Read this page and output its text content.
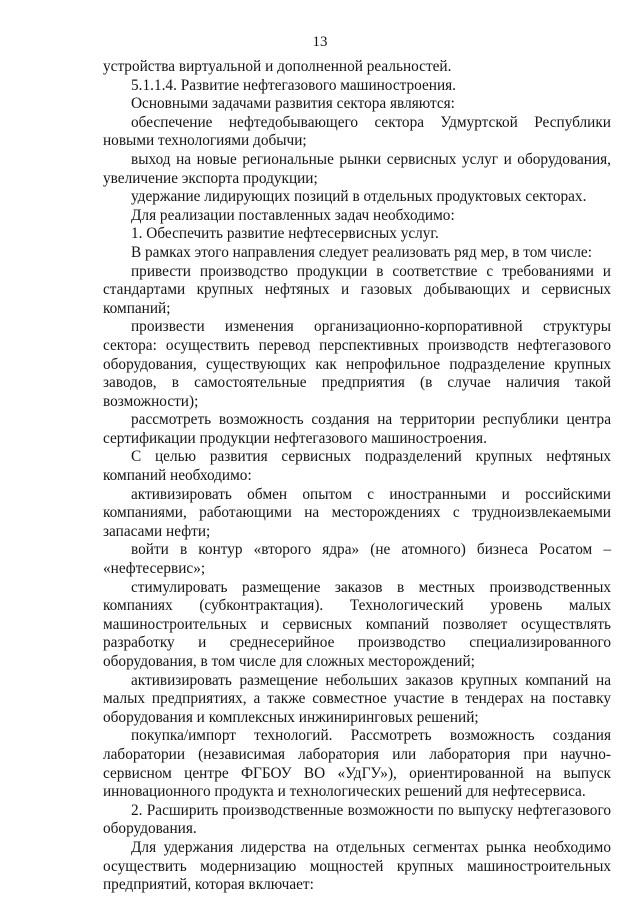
13

устройства виртуальной и дополненной реальностей.

5.1.1.4. Развитие нефтегазового машиностроения.

Основными задачами развития сектора являются:

обеспечение нефтедобывающего сектора Удмуртской Республики новыми технологиями добычи;

выход на новые региональные рынки сервисных услуг и оборудования, увеличение экспорта продукции;

удержание лидирующих позиций в отдельных продуктовых секторах.

Для реализации поставленных задач необходимо:

1. Обеспечить развитие нефтесервисных услуг.

В рамках этого направления следует реализовать ряд мер, в том числе:

привести производство продукции в соответствие с требованиями и стандартами крупных нефтяных и газовых добывающих и сервисных компаний;

произвести изменения организационно-корпоративной структуры сектора: осуществить перевод перспективных производств нефтегазового оборудования, существующих как непрофильное подразделение крупных заводов, в самостоятельные предприятия (в случае наличия такой возможности);

рассмотреть возможность создания на территории республики центра сертификации продукции нефтегазового машиностроения.

С целью развития сервисных подразделений крупных нефтяных компаний необходимо:

активизировать обмен опытом с иностранными и российскими компаниями, работающими на месторождениях с трудноизвлекаемыми запасами нефти;

войти в контур «второго ядра» (не атомного) бизнеса Росатом – «нефтесервис»;

стимулировать размещение заказов в местных производственных компаниях (субконтрактация). Технологический уровень малых машиностроительных и сервисных компаний позволяет осуществлять разработку и среднесерийное производство специализированного оборудования, в том числе для сложных месторождений;

активизировать размещение небольших заказов крупных компаний на малых предприятиях, а также совместное участие в тендерах на поставку оборудования и комплексных инжиниринговых решений;

покупка/импорт технологий. Рассмотреть возможность создания лаборатории (независимая лаборатория или лаборатория при научно-сервисном центре ФГБОУ ВО «УдГУ»), ориентированной на выпуск инновационного продукта и технологических решений для нефтесервиса.

2. Расширить производственные возможности по выпуску нефтегазового оборудования.

Для удержания лидерства на отдельных сегментах рынка необходимо осуществить модернизацию мощностей крупных машиностроительных предприятий, которая включает:
